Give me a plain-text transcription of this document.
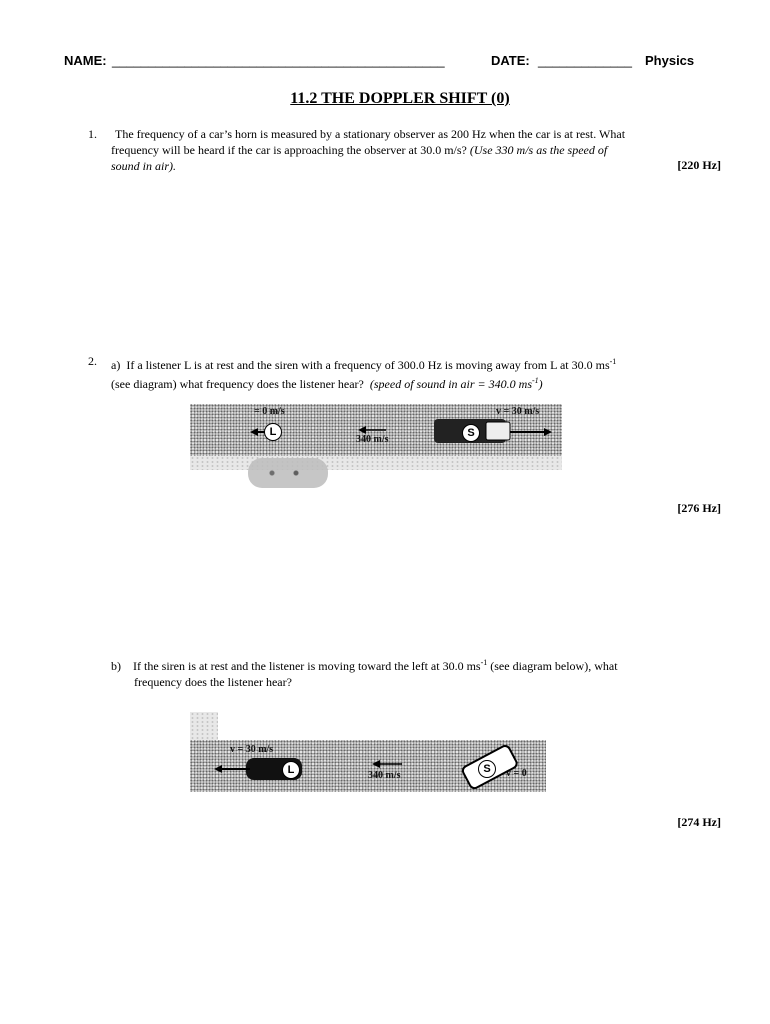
NAME: ______________________________________________	DATE: _____________ Physics
11.2 THE DOPPLER SHIFT (0)
1.	The frequency of a car’s horn is measured by a stationary observer as 200 Hz when the car is at rest. What
frequency will be heard if the car is approaching the observer at 30.0 m/s? (Use 330 m/s as the speed of
sound in air).	[220 Hz]
2. a) If a listener L is at rest and the siren with a frequency of 300.0 Hz is moving away from L at 30.0 $ms^{-1}$
(see diagram) what frequency does the listener hear? (speed of sound in air = 340.0 $ms^{-1}$)
= 0 m/s	v = 30 m/s
340 m/s
L	S
[276 Hz]
b) If the siren is at rest and the listener is moving toward the left at 30.0 $ms^{-1}$ (see diagram below), what
frequency does the listener hear?
v = 30 m/s
v = 0
340 m/s
L	S
[274 Hz]
